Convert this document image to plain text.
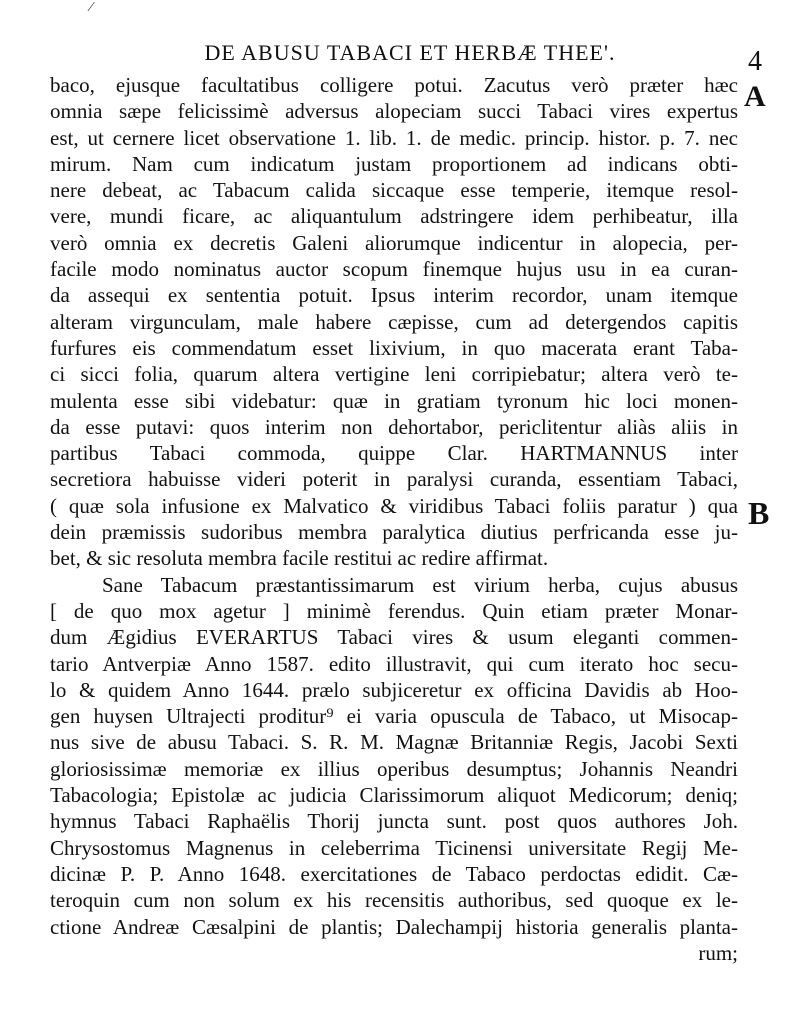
⁄
DE ABUSU TABACI ET HERBÆ THEE'.	4
A
B
baco, ejusque facultatibus colligere potui. Zacutus verò præter hæc
omnia sæpe felicissimè adversus alopeciam succi Tabaci vires expertus
est, ut cernere licet observatione 1. lib. 1. de medic. princip. histor. p. 7. nec
mirum. Nam cum indicatum justam proportionem ad indicans obti-
nere debeat, ac Tabacum calida siccaque esse temperie, itemque resol-
vere, mundi ficare, ac aliquantulum adstringere idem perhibeatur, illa
verò omnia ex decretis Galeni aliorumque indicentur in alopecia, per-
facile modo nominatus auctor scopum finemque hujus usu in ea curan-
da assequi ex sententia potuit. Ipsus interim recordor, unam itemque
alteram virgunculam, male habere cæpisse, cum ad detergendos capitis
furfures eis commendatum esset lixivium, in quo macerata erant Taba-
ci sicci folia, quarum altera vertigine leni corripiebatur; altera verò te-
mulenta esse sibi videbatur: quæ in gratiam tyronum hic loci monen-
da esse putavi: quos interim non dehortabor, periclitentur aliàs aliis in
partibus Tabaci commoda, quippe Clar. HARTMANNUS inter
secretiora habuisse videri poterit in paralysi curanda, essentiam Tabaci,
( quæ sola infusione ex Malvatico & viridibus Tabaci foliis paratur ) qua
dein præmissis sudoribus membra paralytica diutius perfricanda esse ju-
bet, & sic resoluta membra facile restitui ac redire affirmat.
Sane Tabacum præstantissimarum est virium herba, cujus abusus
[ de quo mox agetur ] minimè ferendus. Quin etiam præter Monar-
dum Ægidius EVERARTUS Tabaci vires & usum eleganti commen-
tario Antverpiæ Anno 1587. edito illustravit, qui cum iterato hoc secu-
lo & quidem Anno 1644. prælo subjiceretur ex officina Davidis ab Hoo-
gen huysen Ultrajecti proditur⁹ ei varia opuscula de Tabaco, ut Misocap-
nus sive de abusu Tabaci. S. R. M. Magnæ Britanniæ Regis, Jacobi Sexti
gloriosissimæ memoriæ ex illius operibus desumptus; Johannis Neandri
Tabacologia; Epistolæ ac judicia Clarissimorum aliquot Medicorum; deniq;
hymnus Tabaci Raphaëlis Thorij juncta sunt. post quos authores Joh.
Chrysostomus Magnenus in celeberrima Ticinensi universitate Regij Me-
dicinæ P. P. Anno 1648. exercitationes de Tabaco perdoctas edidit. Cæ-
teroquin cum non solum ex his recensitis authoribus, sed quoque ex le-
ctione Andreæ Cæsalpini de plantis; Dalechampij historia generalis planta-
rum;
